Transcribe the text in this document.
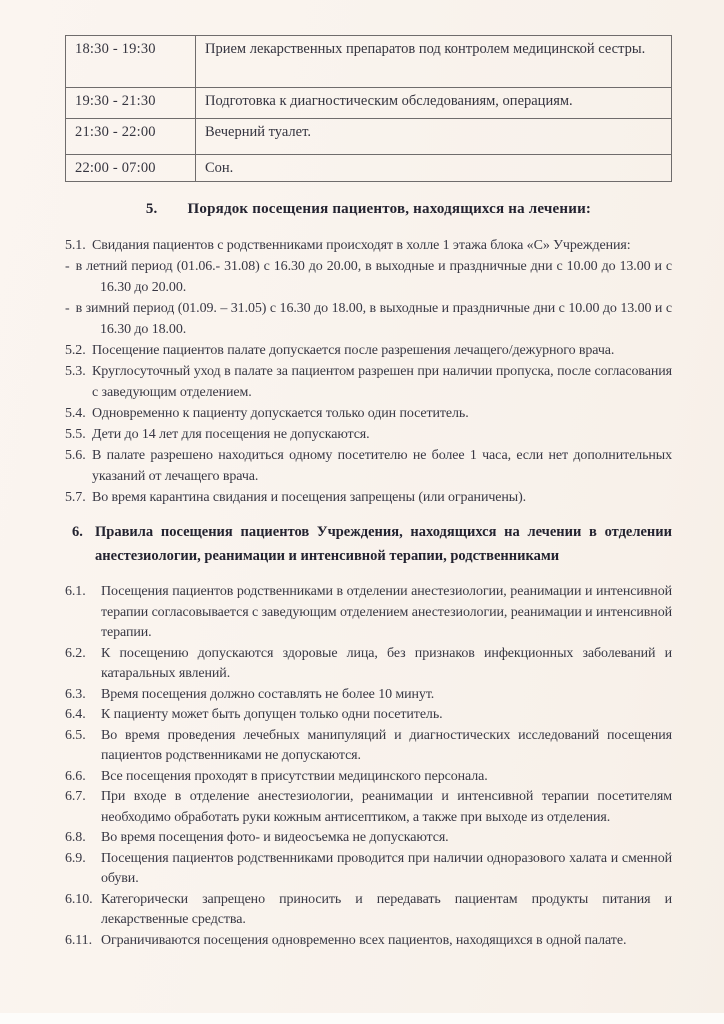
18:30 - 19:30	Прием лекарственных препаратов под контролем медицинской сестры.
19:30 - 21:30	Подготовка к диагностическим обследованиям, операциям.
21:30 - 22:00	Вечерний туалет.
22:00 - 07:00	Сон.
5. Порядок посещения пациентов, находящихся на лечении:
5.1. Свидания пациентов с родственниками происходят в холле 1 этажа блока «С» Учреждения:
- в летний период (01.06.- 31.08) с 16.30 до 20.00, в выходные и праздничные дни с 10.00 до 13.00 и с 16.30 до 20.00.
- в зимний период (01.09. – 31.05) с 16.30 до 18.00, в выходные и праздничные дни с 10.00 до 13.00 и с 16.30 до 18.00.
5.2. Посещение пациентов палате допускается после разрешения лечащего/дежурного врача.
5.3. Круглосуточный уход в палате за пациентом разрешен при наличии пропуска, после согласования с заведующим отделением.
5.4. Одновременно к пациенту допускается только один посетитель.
5.5. Дети до 14 лет для посещения не допускаются.
5.6. В палате разрешено находиться одному посетителю не более 1 часа, если нет дополнительных указаний от лечащего врача.
5.7. Во время карантина свидания и посещения запрещены (или ограничены).
6. Правила посещения пациентов Учреждения, находящихся на лечении в отделении анестезиологии, реанимации и интенсивной терапии, родственниками
6.1. Посещения пациентов родственниками в отделении анестезиологии, реанимации и интенсивной терапии согласовывается с заведующим отделением анестезиологии, реанимации и интенсивной терапии.
6.2. К посещению допускаются здоровые лица, без признаков инфекционных заболеваний и катаральных явлений.
6.3. Время посещения должно составлять не более 10 минут.
6.4. К пациенту может быть допущен только одни посетитель.
6.5. Во время проведения лечебных манипуляций и диагностических исследований посещения пациентов родственниками не допускаются.
6.6. Все посещения проходят в присутствии медицинского персонала.
6.7. При входе в отделение анестезиологии, реанимации и интенсивной терапии посетителям необходимо обработать руки кожным антисептиком, а также при выходе из отделения.
6.8. Во время посещения фото- и видеосъемка не допускаются.
6.9. Посещения пациентов родственниками проводится при наличии одноразового халата и сменной обуви.
6.10. Категорически запрещено приносить и передавать пациентам продукты питания и лекарственные средства.
6.11. Ограничиваются посещения одновременно всех пациентов, находящихся в одной палате.
